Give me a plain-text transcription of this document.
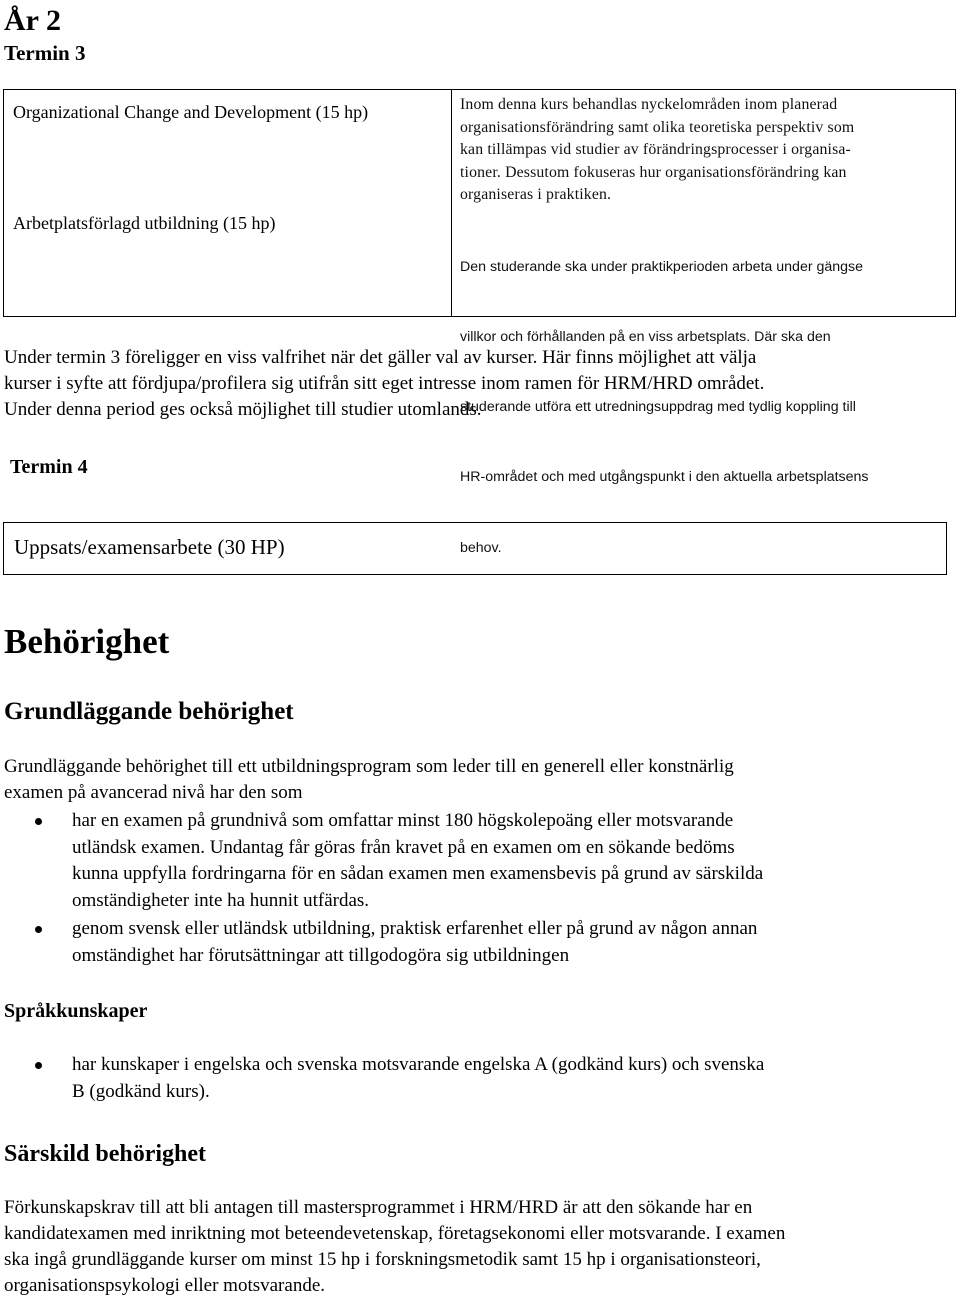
År 2
Termin 3
Organizational Change and Development (15 hp)	Inom denna kurs behandlas nyckelområden inom planerad
organisationsförändring samt olika teoretiska perspektiv som
kan tillämpas vid studier av förändringsprocesser i organisa-
tioner. Dessutom fokuseras hur organisationsförändring kan
organiseras i praktiken.
Arbetplatsförlagd utbildning (15 hp)

Den studerande ska under praktikperioden arbeta under gängse

villkor och förhållanden på en viss arbetsplats. Där ska den

studerande utföra ett utredningsuppdrag med tydlig koppling till

HR-området och med utgångspunkt i den aktuella arbetsplatsens

behov.

Under termin 3 föreligger en viss valfrihet när det gäller val av kurser. Här finns möjlighet att välja
kurser i syfte att fördjupa/profilera sig utifrån sitt eget intresse inom ramen för HRM/HRD området.
Under denna period ges också möjlighet till studier utomlands.
Termin 4
Uppsats/examensarbete (30 HP)
Behörighet
Grundläggande behörighet
Grundläggande behörighet till ett utbildningsprogram som leder till en generell eller konstnärlig
examen på avancerad nivå har den som
har en examen på grundnivå som omfattar minst 180 högskolepoäng eller motsvarande
utländsk examen. Undantag får göras från kravet på en examen om en sökande bedöms
kunna uppfylla fordringarna för en sådan examen men examensbevis på grund av särskilda
omständigheter inte ha hunnit utfärdas.
genom svensk eller utländsk utbildning, praktisk erfarenhet eller på grund av någon annan
omständighet har förutsättningar att tillgodogöra sig utbildningen
Språkkunskaper
har kunskaper i engelska och svenska motsvarande engelska A (godkänd kurs) och svenska
B (godkänd kurs).
Särskild behörighet
Förkunskapskrav till att bli antagen till mastersprogrammet i HRM/HRD är att den sökande har en
kandidatexamen med inriktning mot beteendevetenskap, företagsekonomi eller motsvarande. I examen
ska ingå grundläggande kurser om minst 15 hp i forskningsmetodik samt 15 hp i organisationsteori,
organisationspsykologi eller motsvarande.
